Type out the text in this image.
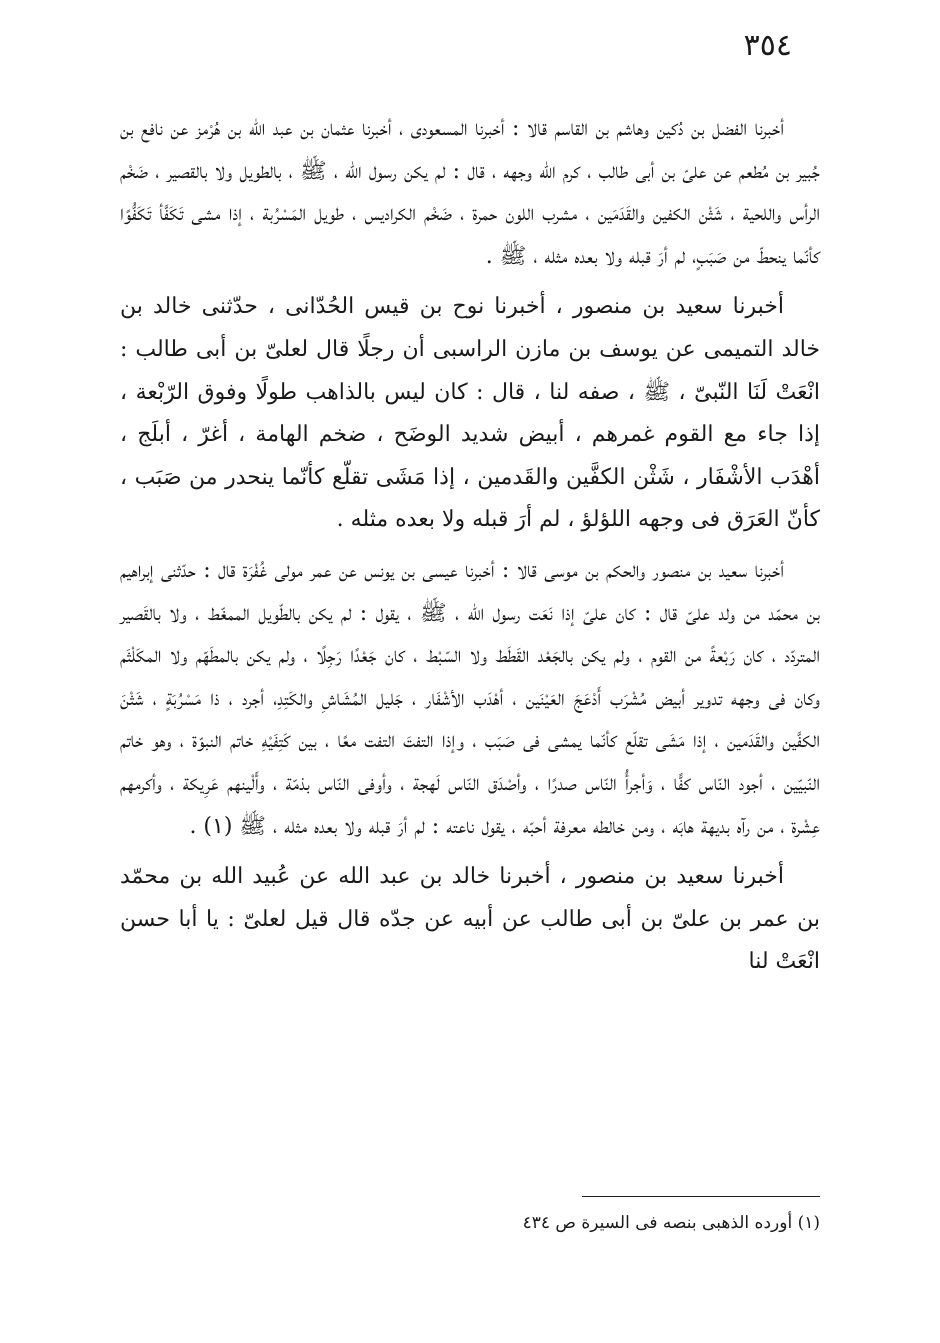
٣٥٤

أخبرنا الفضل بن دُكين وهاشم بن القاسم قالا : أخبرنا المسعودى ، أخبرنا عثمان بن عبد الله بن هُرْمز عن نافع بن جُبير بن مُطعم عن علىّ بن أبى طالب ، كرم الله وجهه ، قال : لم يكن رسول الله ، ﷺ ، بالطويل ولا بالقصير ، ضَخْم الرأس واللحية ، شَثْن الكفين والقَدَمَين ، مشرب اللون حمرة ، ضَخْم الكراديس ، طويل المَسْرُبة ، إذا مشى تَكَفَّأ تَكَفُّوًا كأنّما ينحطّ من صَبَبٍ، لم أرَ قبله ولا بعده مثله ، ﷺ .

أخبرنا سعيد بن منصور ، أخبرنا نوح بن قيس الحُدّانى ، حدّثنى خالد بن خالد التميمى عن يوسف بن مازن الراسبى أن رجلًا قال لعلىّ بن أبى طالب : انْعَتْ لَنَا النّبىّ ، ﷺ ، صفه لنا ، قال : كان ليس بالذاهب طولًا وفوق الرّبْعة ، إذا جاء مع القوم غمرهم ، أبيض شديد الوضَح ، ضخم الهامة ، أغرّ ، أبلَج ، أهْدَب الأشْفَار ، شَثْن الكفَّين والقَدمين ، إذا مَشَى تقلّع كأنّما ينحدر من صَبَب ، كأنّ العَرَق فى وجهه اللؤلؤ ، لم أرَ قبله ولا بعده مثله .

أخبرنا سعيد بن منصور والحكم بن موسى قالا : أخبرنا عيسى بن يونس عن عمر مولى غُفْرَة قال : حدّثنى إبراهيم بن محمّد من ولد علىّ قال : كان علىّ إذا نَعَت رسول الله ، ﷺ ، يقول : لم يكن بالطّويل الممغّط ، ولا بالقَصير المتردّد ، كان رَبْعةً من القوم ، ولم يكن بالجَعْد القَطَط ولا السّبْط ، كان جَعْدًا رَجِلًا ، ولم يكن بالمطَهّم ولا المكَلْثَم وكان فى وجهه تدوير أبيض مُشْرَب أَدْعَجَ العَيْنَين ، أهْدَب الأشْفَار ، جَليل المُشَاشِ والكَتِدِ، أجرد ، ذا مَسْرُبَةٍ ، شَثْنَ الكفَّين والقَدَمين ، إذا مَشَى تقلّع كأنّما يمشى فى صَبَب ، وإذا التفتَ التفت معًا ، بين كَتِفَيْهِ خاتم النبوّة ، وهو خاتم النّبيّين ، أجود النّاس كفًّا ، وَأجرأُ النّاس صدرًا ، وأصْدَق النّاس لَهجة ، وأوفى النّاس بذمّة ، وأَلْينهم عَرِيكة ، وأكرمهم عِشْرة ، من رآه بديهة هابَه ، ومن خالطه معرفة أحبّه ، يقول ناعته : لم أرَ قبله ولا بعده مثله ، ﷺ (١) .

أخبرنا سعيد بن منصور ، أخبرنا خالد بن عبد الله عن عُبيد الله بن محمّد بن عمر بن علىّ بن أبى طالب عن أبيه عن جدّه قال قيل لعلىّ : يا أبا حسن انْعَتْ لنا

(١) أورده الذهبى بنصه فى السيرة ص ٤٣٤
